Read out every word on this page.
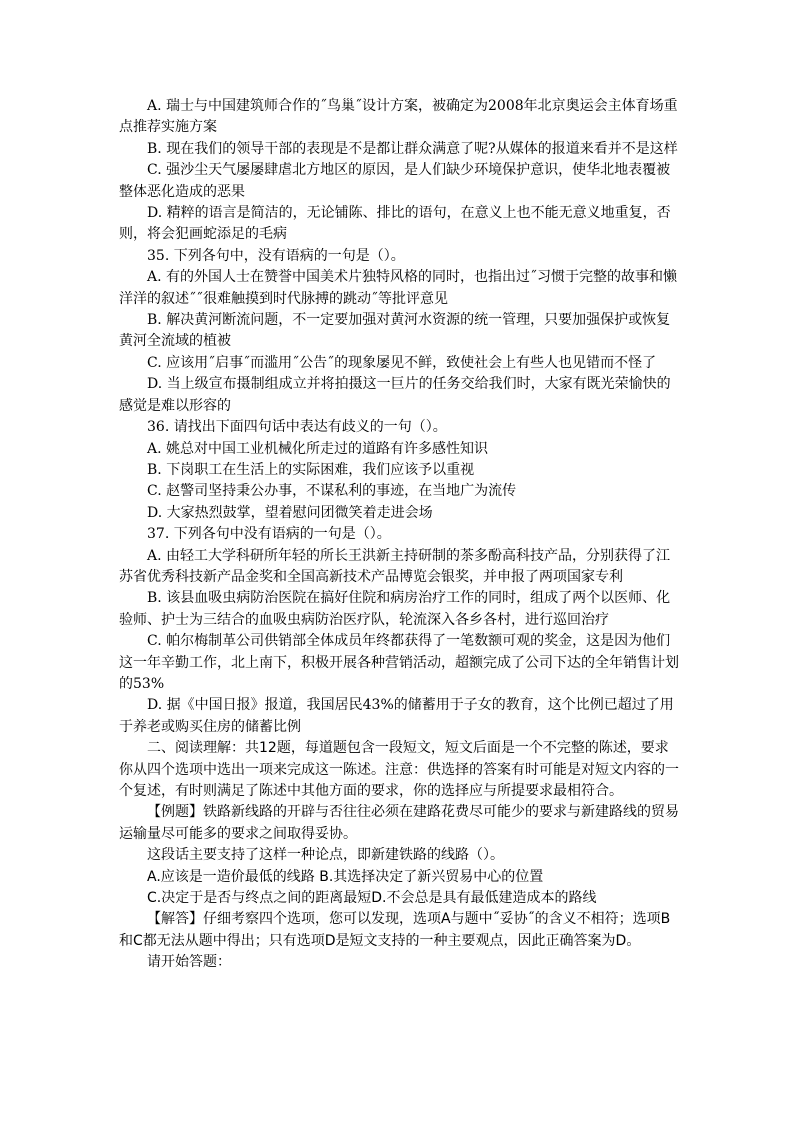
A. 瑞士与中国建筑师合作的˝鸟巢˝设计方案，被确定为2008年北京奥运会主体育场重点推荐实施方案

B. 现在我们的领导干部的表现是不是都让群众满意了呢?从媒体的报道来看并不是这样

C. 强沙尘天气屡屡肆虐北方地区的原因，是人们缺少环境保护意识，使华北地表覆被整体恶化造成的恶果

D. 精粹的语言是简洁的，无论铺陈、排比的语句，在意义上也不能无意义地重复，否则，将会犯画蛇添足的毛病

35. 下列各句中，没有语病的一句是（）。

A. 有的外国人士在赞誉中国美术片独特风格的同时，也指出过˝习惯于完整的故事和懒洋洋的叙述˝˝很难触摸到时代脉搏的跳动˝等批评意见

B. 解决黄河断流问题，不一定要加强对黄河水资源的统一管理，只要加强保护或恢复黄河全流域的植被

C. 应该用˝启事˝而滥用˝公告˝的现象屡见不鲜，致使社会上有些人也见错而不怪了

D. 当上级宣布摄制组成立并将拍摄这一巨片的任务交给我们时，大家有既光荣愉快的感觉是难以形容的

36. 请找出下面四句话中表达有歧义的一句（）。

A. 姚总对中国工业机械化所走过的道路有许多感性知识

B. 下岗职工在生活上的实际困难，我们应该予以重视

C. 赵警司坚持秉公办事，不谋私利的事迹，在当地广为流传

D. 大家热烈鼓掌，望着慰问团微笑着走进会场

37. 下列各句中没有语病的一句是（）。

A. 由轻工大学科研所年轻的所长王洪新主持研制的茶多酚高科技产品，分别获得了江苏省优秀科技新产品金奖和全国高新技术产品博览会银奖，并申报了两项国家专利

B. 该县血吸虫病防治医院在搞好住院和病房治疗工作的同时，组成了两个以医师、化验师、护士为三结合的血吸虫病防治医疗队，轮流深入各乡各村，进行巡回治疗

C. 帕尔梅制革公司供销部全体成员年终都获得了一笔数额可观的奖金，这是因为他们这一年辛勤工作，北上南下，积极开展各种营销活动，超额完成了公司下达的全年销售计划的53%

D. 据《中国日报》报道，我国居民43%的储蓄用于子女的教育，这个比例已超过了用于养老或购买住房的储蓄比例

二、阅读理解：共12题，每道题包含一段短文，短文后面是一个不完整的陈述，要求你从四个选项中选出一项来完成这一陈述。注意：供选择的答案有时可能是对短文内容的一个复述，有时则满足了陈述中其他方面的要求，你的选择应与所提要求最相符合。

【例题】铁路新线路的开辟与否往往必须在建路花费尽可能少的要求与新建路线的贸易运输量尽可能多的要求之间取得妥协。

这段话主要支持了这样一种论点，即新建铁路的线路（）。

A.应该是一造价最低的线路 B.其选择决定了新兴贸易中心的位置

C.决定于是否与终点之间的距离最短D.不会总是具有最低建造成本的路线

【解答】仔细考察四个选项，您可以发现，选项A与题中˝妥协˝的含义不相符；选项B和C都无法从题中得出；只有选项D是短文支持的一种主要观点，因此正确答案为D。

请开始答题：
